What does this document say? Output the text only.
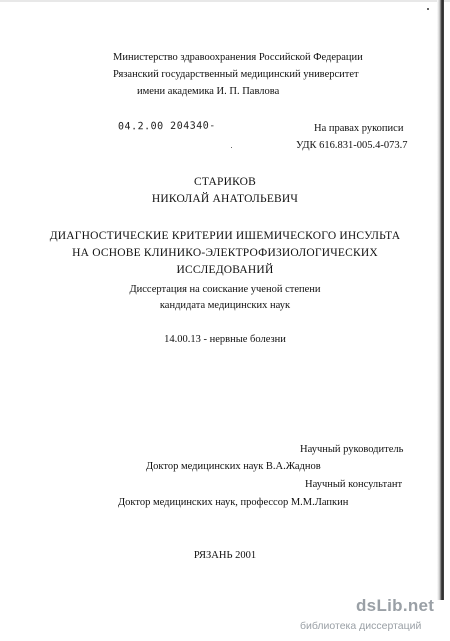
Министерство здравоохранения Российской Федерации
Рязанский государственный медицинский университет
имени академика И. П. Павлова
04.2.00 204340-	На правах рукописи
УДК 616.831-005.4-073.7
СТАРИКОВ
НИКОЛАЙ АНАТОЛЬЕВИЧ
ДИАГНОСТИЧЕСКИЕ КРИТЕРИИ ИШЕМИЧЕСКОГО ИНСУЛЬТА
НА ОСНОВЕ КЛИНИКО-ЭЛЕКТРОФИЗИОЛОГИЧЕСКИХ
ИССЛЕДОВАНИЙ
Диссертация на соискание ученой степени
кандидата медицинских наук
14.00.13 - нервные болезни
Научный руководитель
Доктор медицинских наук В.А.Жаднов
Научный консультант
Доктор медицинских наук, профессор М.М.Лапкин
РЯЗАНЬ 2001
dsLib.net
библиотека диссертаций
